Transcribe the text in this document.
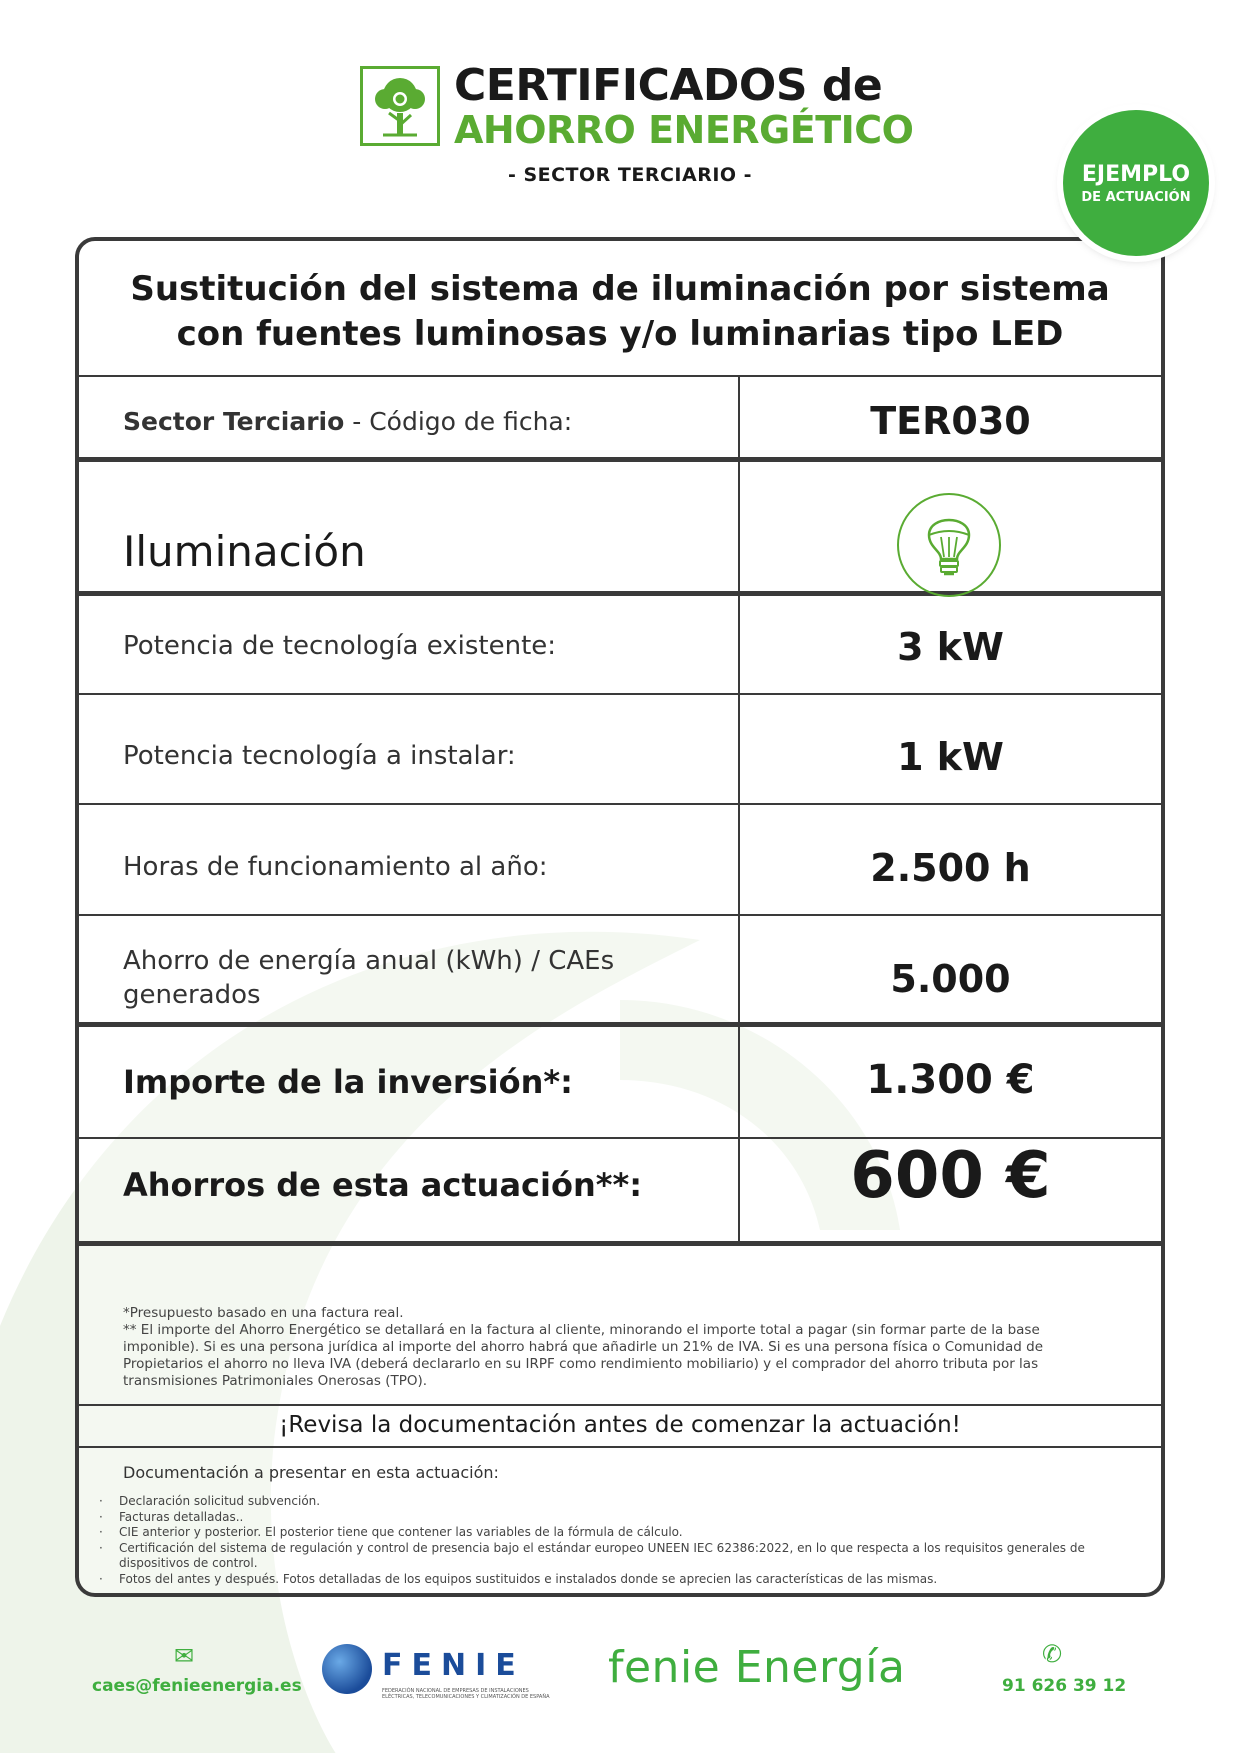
CERTIFICADOS de
AHORRO ENERGÉTICO
- SECTOR TERCIARIO -	EJEMPLO
DE ACTUACIÓN
Sustitución del sistema de iluminación por sistema
con fuentes luminosas y/o luminarias tipo LED
Sector Terciario - Código de ficha:	TER030
Iluminación
Potencia de tecnología existente:	3 kW
Potencia tecnología a instalar:	1 kW
Horas de funcionamiento al año:	2.500 h
Ahorro de energía anual (kWh) / CAEs
generados	5.000
Importe de la inversión*:	1.300 €
Ahorros de esta actuación**:	600 €
*Presupuesto basado en una factura real.
** El importe del Ahorro Energético se detallará en la factura al cliente, minorando el importe total a pagar (sin formar parte de la base imponible). Si es una persona jurídica al importe del ahorro habrá que añadirle un 21% de IVA. Si es una persona física o Comunidad de Propietarios el ahorro no lleva IVA (deberá declararlo en su IRPF como rendimiento mobiliario) y el comprador del ahorro tributa por las transmisiones Patrimoniales Onerosas (TPO).
¡Revisa la documentación antes de comenzar la actuación!
Documentación a presentar en esta actuación:
· Declaración solicitud subvención.
· Facturas detalladas..
· CIE anterior y posterior. El posterior tiene que contener las variables de la fórmula de cálculo.
· Certificación del sistema de regulación y control de presencia bajo el estándar europeo UNEEN IEC 62386:2022, en lo que respecta a los requisitos generales de dispositivos de control.
· Fotos del antes y después. Fotos detalladas de los equipos sustituidos e instalados donde se aprecien las características de las mismas.
✉
caes@fenieenergia.es
FENIE
FEDERACIÓN NACIONAL DE EMPRESAS DE INSTALACIONES ELÉCTRICAS, TELECOMUNICACIONES Y CLIMATIZACIÓN DE ESPAÑA
fenie Energía	✆
91 626 39 12
